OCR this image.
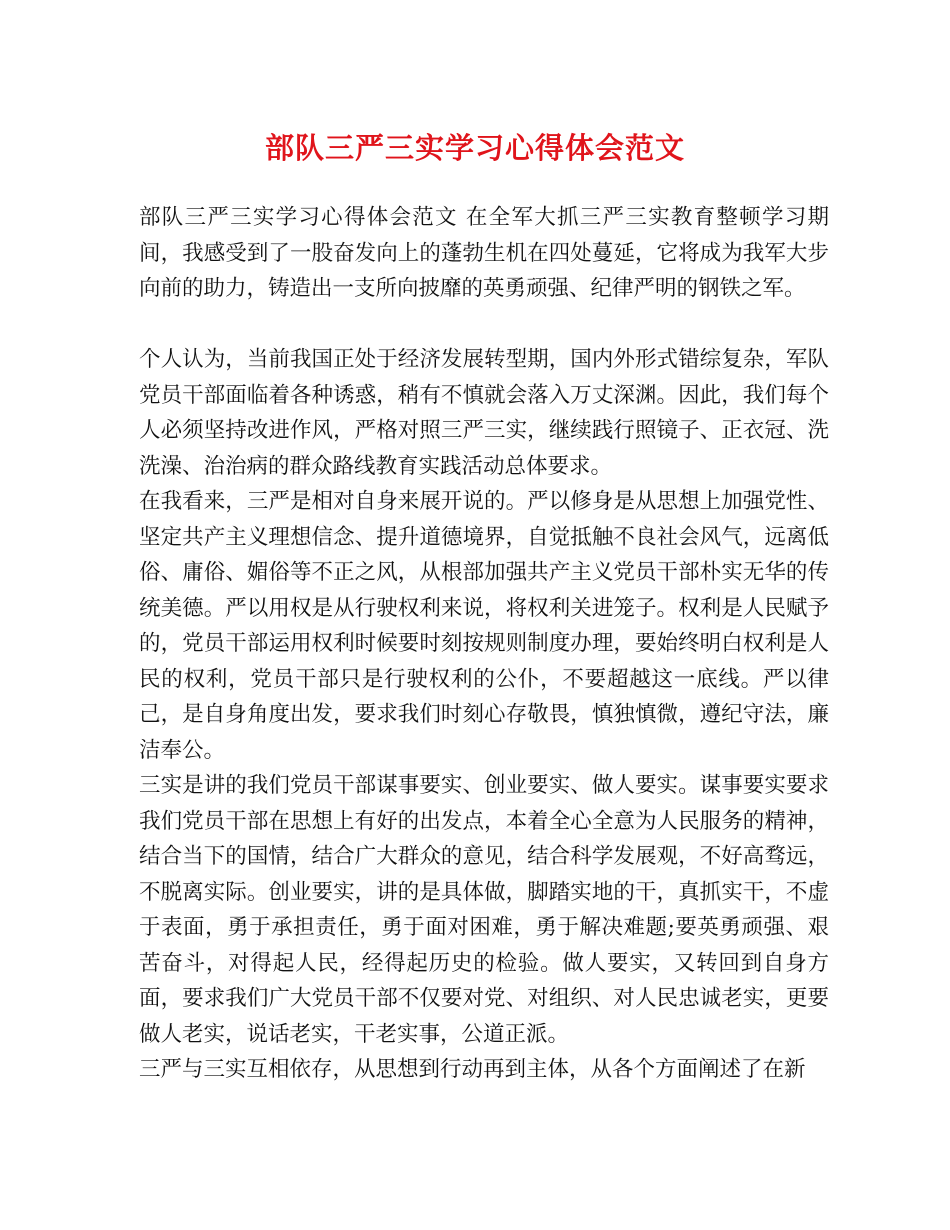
部队三严三实学习心得体会范文

部队三严三实学习心得体会范文 在全军大抓三严三实教育整顿学习期间，我感受到了一股奋发向上的蓬勃生机在四处蔓延，它将成为我军大步向前的助力，铸造出一支所向披靡的英勇顽强、纪律严明的钢铁之军。

个人认为，当前我国正处于经济发展转型期，国内外形式错综复杂，军队党员干部面临着各种诱惑，稍有不慎就会落入万丈深渊。因此，我们每个人必须坚持改进作风，严格对照三严三实，继续践行照镜子、正衣冠、洗洗澡、治治病的群众路线教育实践活动总体要求。

在我看来，三严是相对自身来展开说的。严以修身是从思想上加强党性、坚定共产主义理想信念、提升道德境界，自觉抵触不良社会风气，远离低俗、庸俗、媚俗等不正之风，从根部加强共产主义党员干部朴实无华的传统美德。严以用权是从行驶权利来说，将权利关进笼子。权利是人民赋予的，党员干部运用权利时候要时刻按规则制度办理，要始终明白权利是人民的权利，党员干部只是行驶权利的公仆，不要超越这一底线。严以律己，是自身角度出发，要求我们时刻心存敬畏，慎独慎微，遵纪守法，廉洁奉公。

三实是讲的我们党员干部谋事要实、创业要实、做人要实。谋事要实要求我们党员干部在思想上有好的出发点，本着全心全意为人民服务的精神，结合当下的国情，结合广大群众的意见，结合科学发展观，不好高骛远，不脱离实际。创业要实，讲的是具体做，脚踏实地的干，真抓实干，不虚于表面，勇于承担责任，勇于面对困难，勇于解决难题;要英勇顽强、艰苦奋斗，对得起人民，经得起历史的检验。做人要实，又转回到自身方面，要求我们广大党员干部不仅要对党、对组织、对人民忠诚老实，更要做人老实，说话老实，干老实事，公道正派。

三严与三实互相依存，从思想到行动再到主体，从各个方面阐述了在新
